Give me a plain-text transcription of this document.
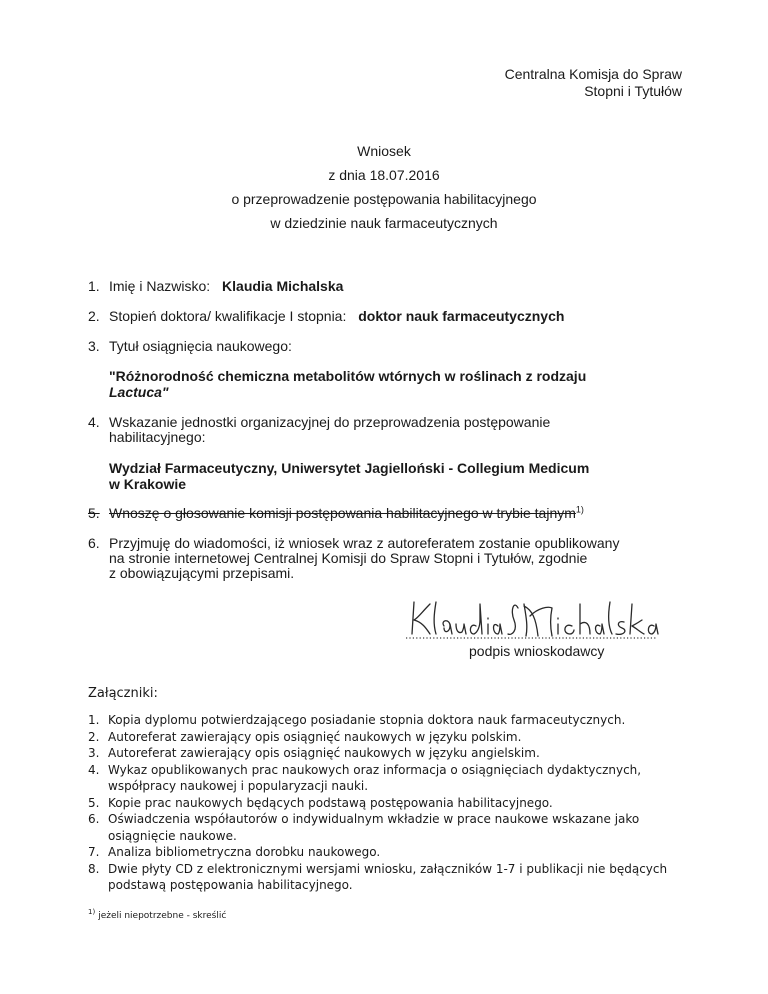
Centralna Komisja do Spraw
Stopni i Tytułów
Wniosek
z dnia 18.07.2016
o przeprowadzenie postępowania habilitacyjnego
w dziedzinie nauk farmaceutycznych
1. Imię i Nazwisko: Klaudia Michalska
2. Stopień doktora/ kwalifikacje I stopnia: doktor nauk farmaceutycznych
3. Tytuł osiągnięcia naukowego:
"Różnorodność chemiczna metabolitów wtórnych w roślinach z rodzaju
Lactuca"
4. Wskazanie jednostki organizacyjnej do przeprowadzenia postępowanie
habilitacyjnego:
Wydział Farmaceutyczny, Uniwersytet Jagielloński - Collegium Medicum
w Krakowie
5. Wnoszę o głosowanie komisji postępowania habilitacyjnego w trybie tajnym$^{1)}$
6. Przyjmuję do wiadomości, iż wniosek wraz z autoreferatem zostanie opublikowany
na stronie internetowej Centralnej Komisji do Spraw Stopni i Tytułów, zgodnie
z obowiązującymi przepisami.
podpis wnioskodawcy
Załączniki:
1. Kopia dyplomu potwierdzającego posiadanie stopnia doktora nauk farmaceutycznych.
2. Autoreferat zawierający opis osiągnięć naukowych w języku polskim.
3. Autoreferat zawierający opis osiągnięć naukowych w języku angielskim.
4. Wykaz opublikowanych prac naukowych oraz informacja o osiągnięciach dydaktycznych, współpracy naukowej i popularyzacji nauki.
5. Kopie prac naukowych będących podstawą postępowania habilitacyjnego.
6. Oświadczenia współautorów o indywidualnym wkładzie w prace naukowe wskazane jako osiągnięcie naukowe.
7. Analiza bibliometryczna dorobku naukowego.
8. Dwie płyty CD z elektronicznymi wersjami wniosku, załączników 1-7 i publikacji nie będących podstawą postępowania habilitacyjnego.
$^{1)}$ jeżeli niepotrzebne - skreślić
